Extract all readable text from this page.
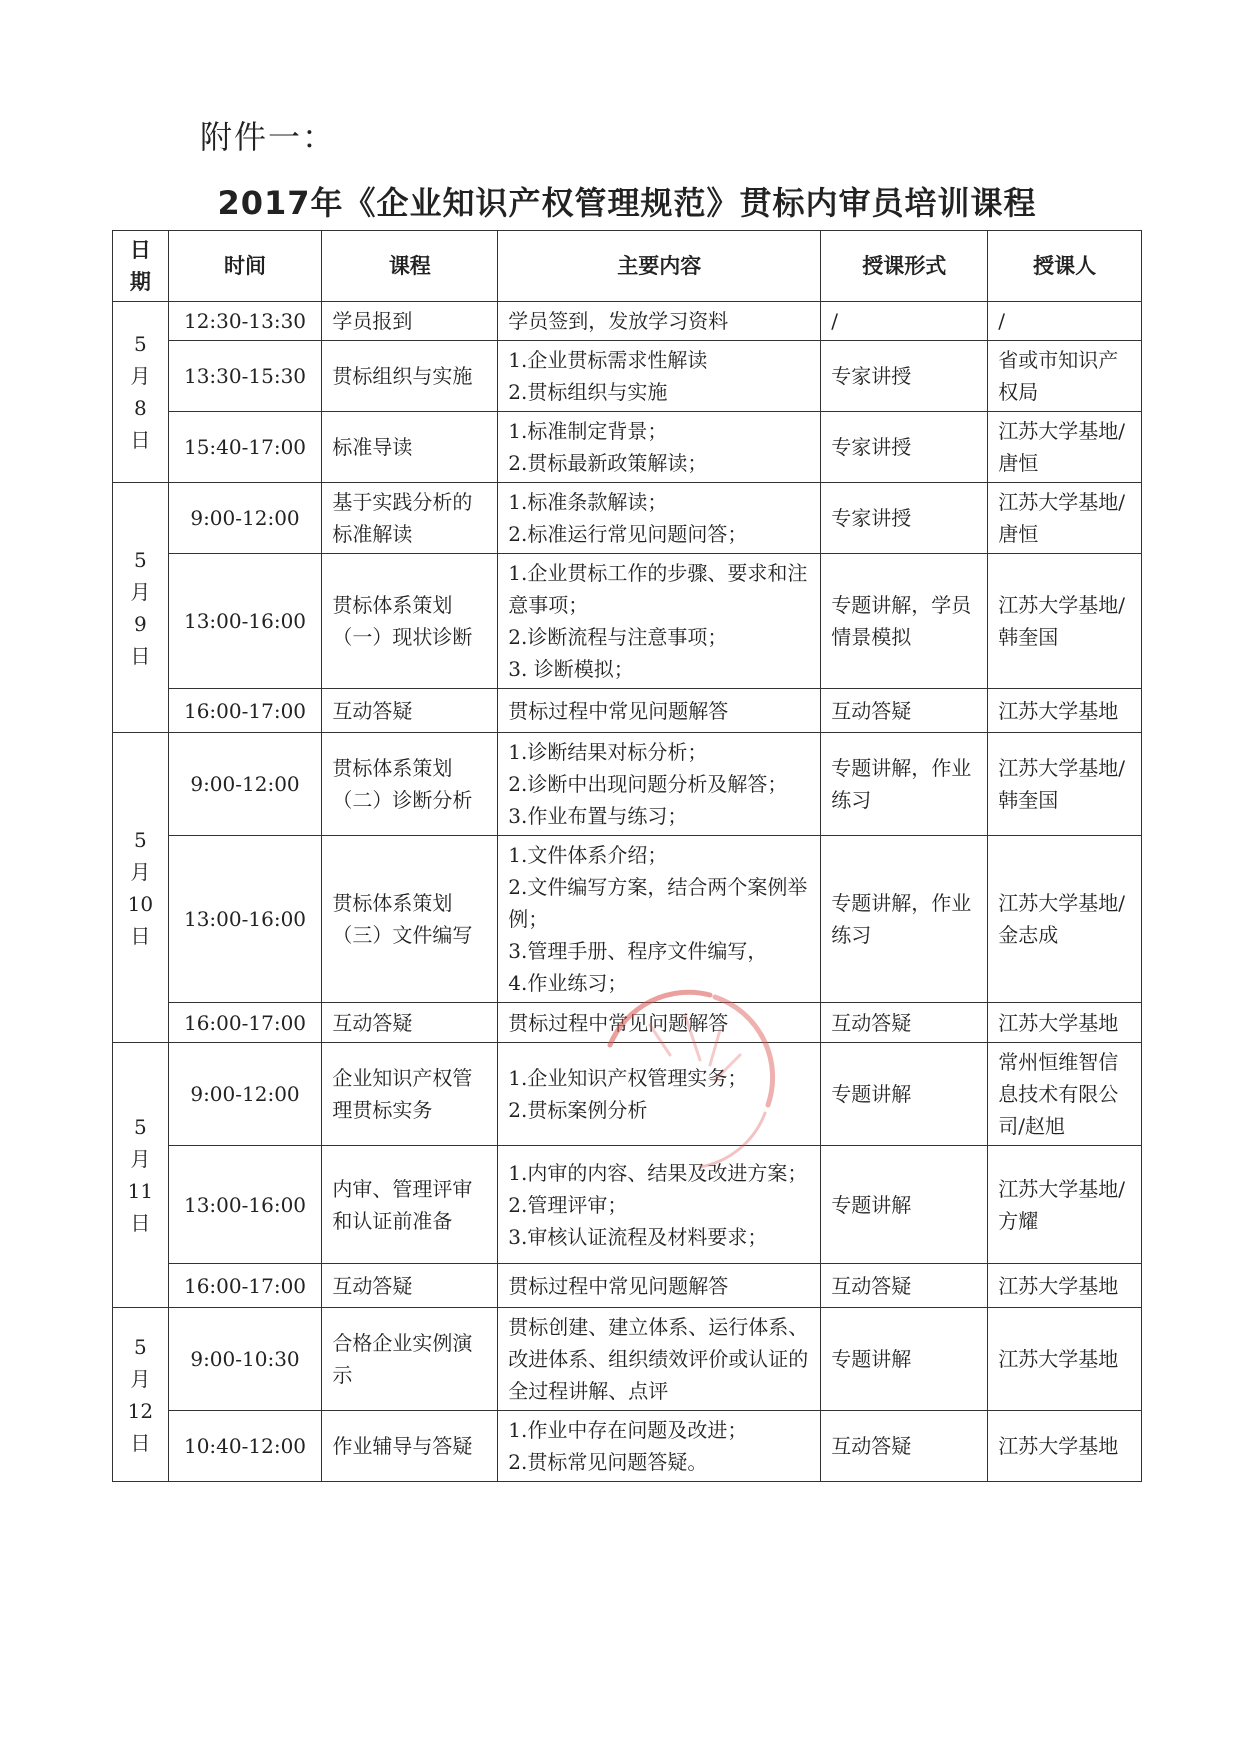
附件一：
2017年《企业知识产权管理规范》贯标内审员培训课程
日期	时间	课程	主要内容	授课形式	授课人

5
月
8
日	12:30-13:30	学员报到	学员签到，发放学习资料	/	/
	13:30-15:30	贯标组织与实施	1.企业贯标需求性解读
2.贯标组织与实施	专家讲授	省或市知识产权局
	15:40-17:00	标准导读	1.标准制定背景；
2.贯标最新政策解读；	专家讲授	江苏大学基地/唐恒

5
月
9
日	9:00-12:00	基于实践分析的标准解读	1.标准条款解读；
2.标准运行常见问题问答；	专家讲授	江苏大学基地/唐恒
	13:00-16:00	贯标体系策划（一）现状诊断	1.企业贯标工作的步骤、要求和注意事项；
2.诊断流程与注意事项；
3. 诊断模拟；	专题讲解，学员情景模拟	江苏大学基地/韩奎国
	16:00-17:00	互动答疑	贯标过程中常见问题解答	互动答疑	江苏大学基地

5
月
10
日	9:00-12:00	贯标体系策划（二）诊断分析	1.诊断结果对标分析；
2.诊断中出现问题分析及解答；
3.作业布置与练习；	专题讲解，作业练习	江苏大学基地/韩奎国
	13:00-16:00	贯标体系策划（三）文件编写	1.文件体系介绍；
2.文件编写方案，结合两个案例举例；
3.管理手册、程序文件编写，
4.作业练习；	专题讲解，作业练习	江苏大学基地/金志成
	16:00-17:00	互动答疑	贯标过程中常见问题解答	互动答疑	江苏大学基地

5
月
11
日	9:00-12:00	企业知识产权管理贯标实务	1.企业知识产权管理实务；
2.贯标案例分析	专题讲解	常州恒维智信息技术有限公司/赵旭
	13:00-16:00	内审、管理评审和认证前准备	1.内审的内容、结果及改进方案；
2.管理评审；
3.审核认证流程及材料要求；	专题讲解	江苏大学基地/方耀
	16:00-17:00	互动答疑	贯标过程中常见问题解答	互动答疑	江苏大学基地

5
月
12
日	9:00-10:30	合格企业实例演示	贯标创建、建立体系、运行体系、改进体系、组织绩效评价或认证的全过程讲解、点评	专题讲解	江苏大学基地
	10:40-12:00	作业辅导与答疑	1.作业中存在问题及改进；
2.贯标常见问题答疑。	互动答疑	江苏大学基地
